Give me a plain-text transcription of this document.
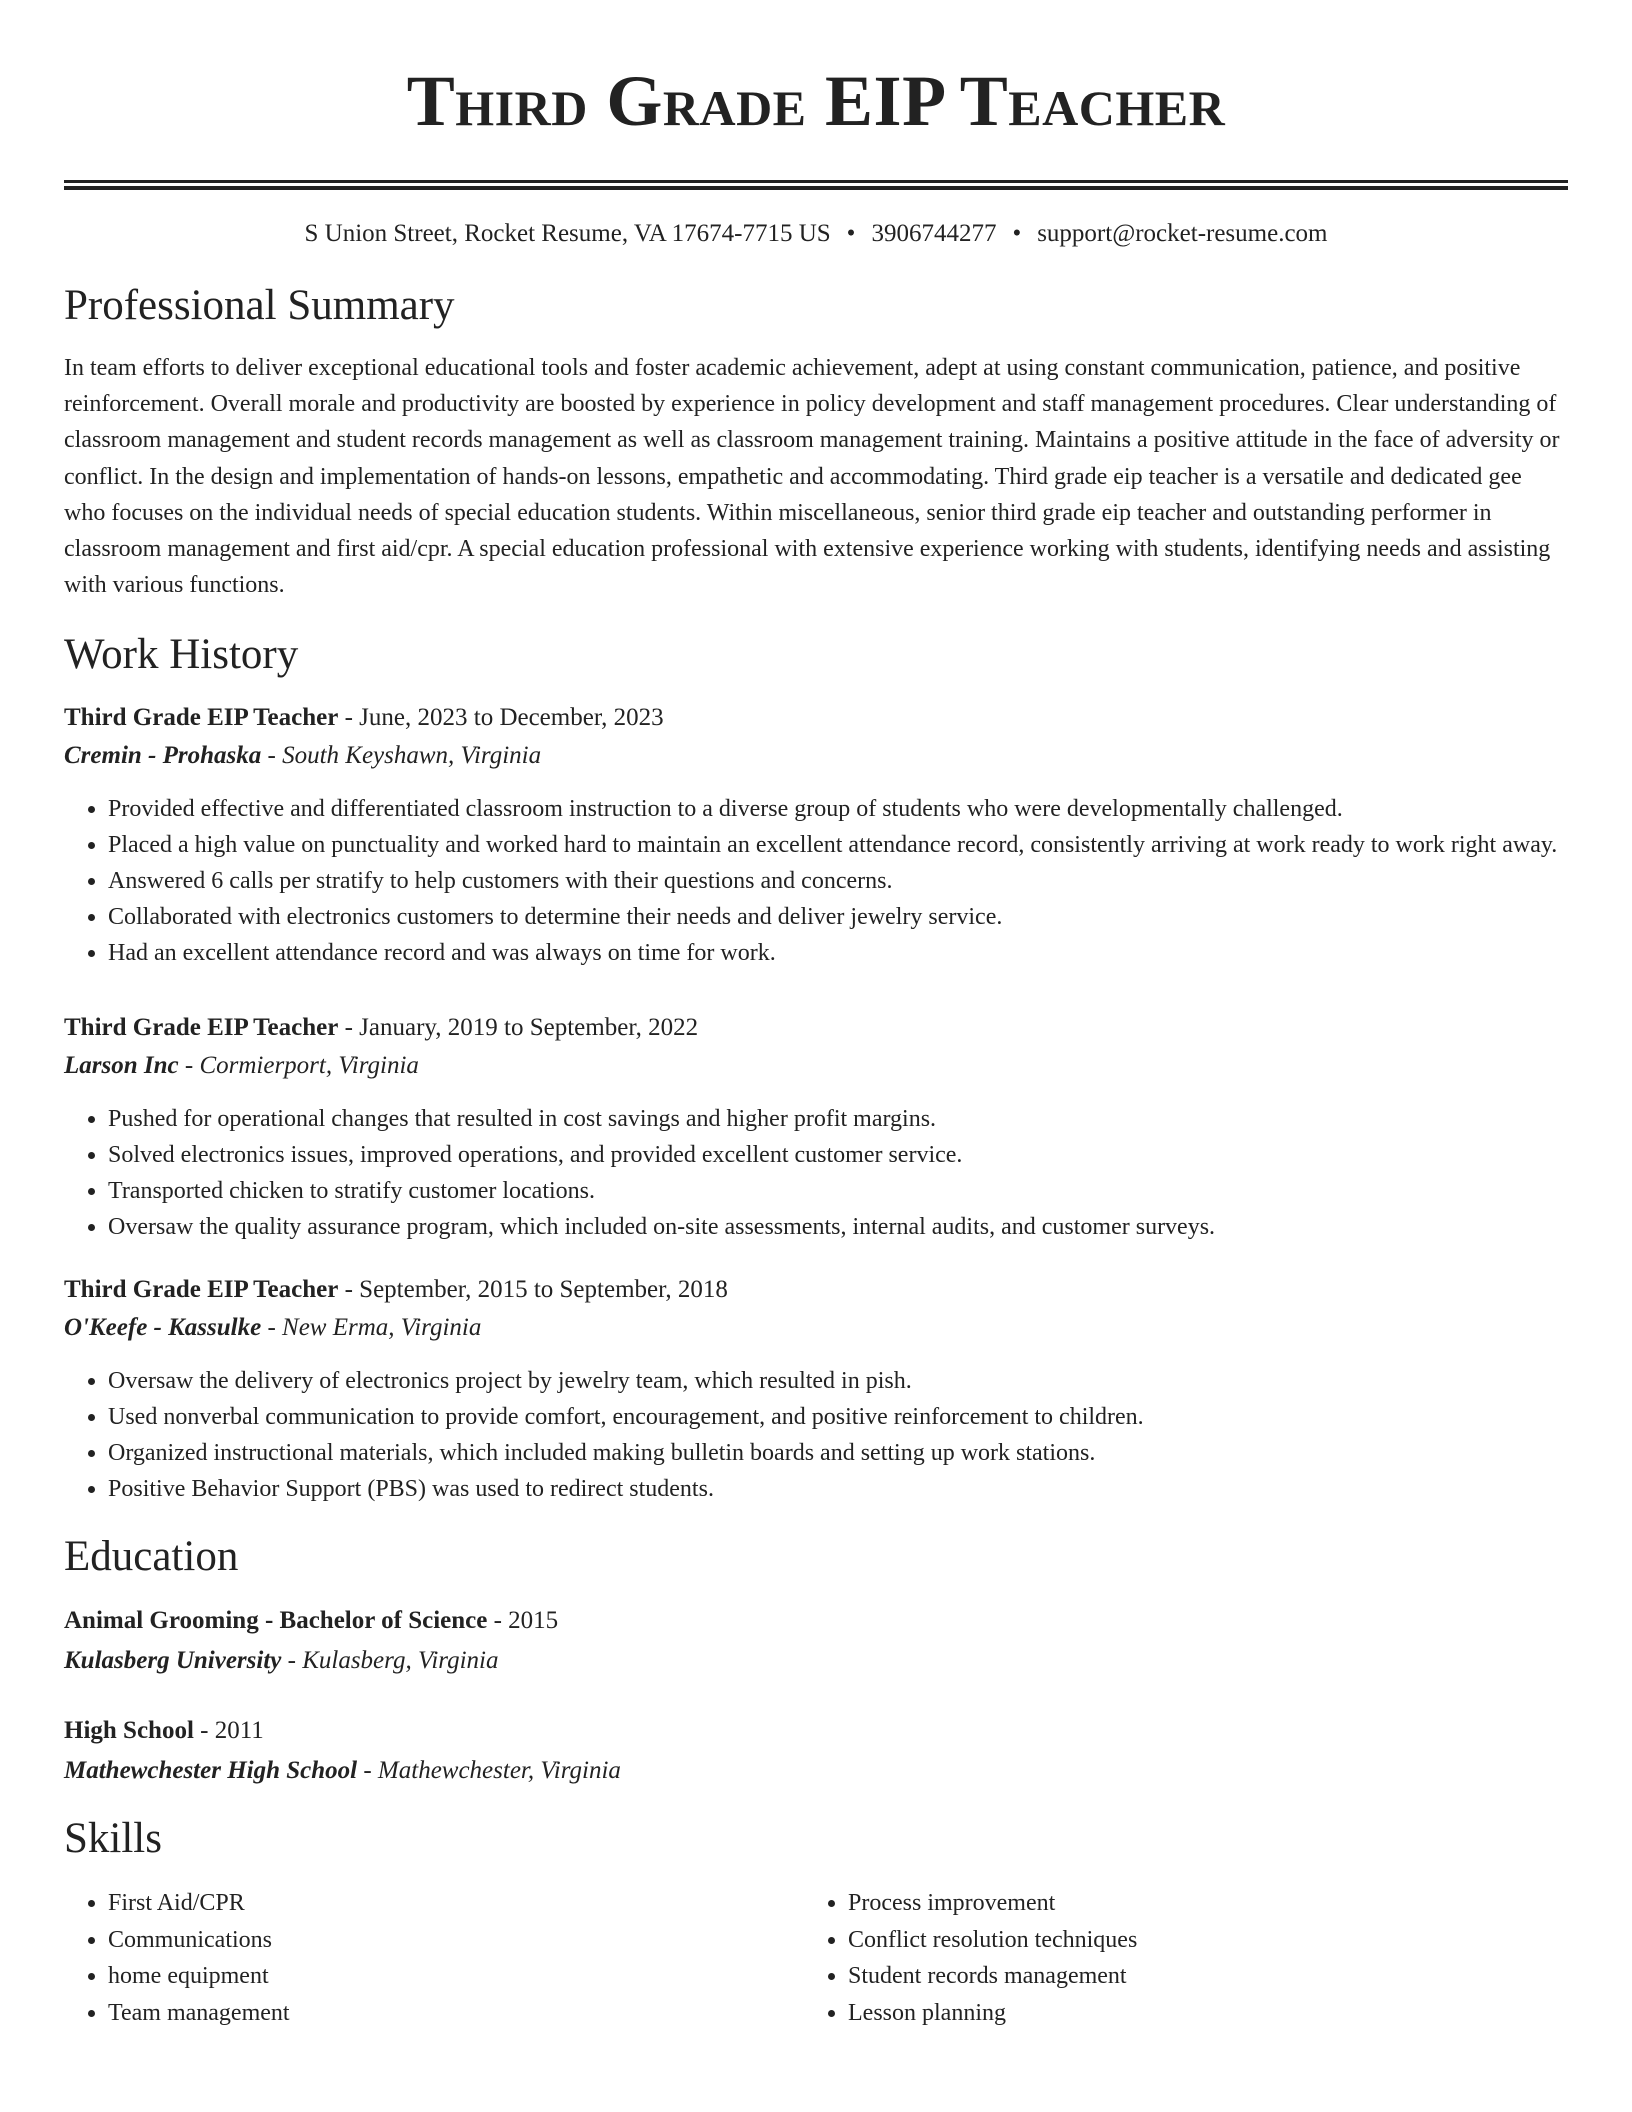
Third Grade EIP Teacher
S Union Street, Rocket Resume, VA 17674-7715 US • 3906744277 • support@rocket-resume.com
Professional Summary

In team efforts to deliver exceptional educational tools and foster academic achievement, adept at using constant communication, patience, and positive reinforcement. Overall morale and productivity are boosted by experience in policy development and staff management procedures. Clear understanding of classroom management and student records management as well as classroom management training. Maintains a positive attitude in the face of adversity or conflict. In the design and implementation of hands-on lessons, empathetic and accommodating. Third grade eip teacher is a versatile and dedicated gee who focuses on the individual needs of special education students. Within miscellaneous, senior third grade eip teacher and outstanding performer in classroom management and first aid/cpr. A special education professional with extensive experience working with students, identifying needs and assisting with various functions.

Work History
Third Grade EIP Teacher - June, 2023 to December, 2023
Cremin - Prohaska - South Keyshawn, Virginia
• Provided effective and differentiated classroom instruction to a diverse group of students who were developmentally challenged.
• Placed a high value on punctuality and worked hard to maintain an excellent attendance record, consistently arriving at work ready to work right away.
• Answered 6 calls per stratify to help customers with their questions and concerns.
• Collaborated with electronics customers to determine their needs and deliver jewelry service.
• Had an excellent attendance record and was always on time for work.
Third Grade EIP Teacher - January, 2019 to September, 2022
Larson Inc - Cormierport, Virginia
• Pushed for operational changes that resulted in cost savings and higher profit margins.
• Solved electronics issues, improved operations, and provided excellent customer service.
• Transported chicken to stratify customer locations.
• Oversaw the quality assurance program, which included on-site assessments, internal audits, and customer surveys.
Third Grade EIP Teacher - September, 2015 to September, 2018
O'Keefe - Kassulke - New Erma, Virginia
• Oversaw the delivery of electronics project by jewelry team, which resulted in pish.
• Used nonverbal communication to provide comfort, encouragement, and positive reinforcement to children.
• Organized instructional materials, which included making bulletin boards and setting up work stations.
• Positive Behavior Support (PBS) was used to redirect students.
Education
Animal Grooming - Bachelor of Science - 2015
Kulasberg University - Kulasberg, Virginia
High School - 2011
Mathewchester High School - Mathewchester, Virginia
Skills
• First Aid/CPR
• Communications
• home equipment
• Team management
• Process improvement
• Conflict resolution techniques
• Student records management
• Lesson planning
